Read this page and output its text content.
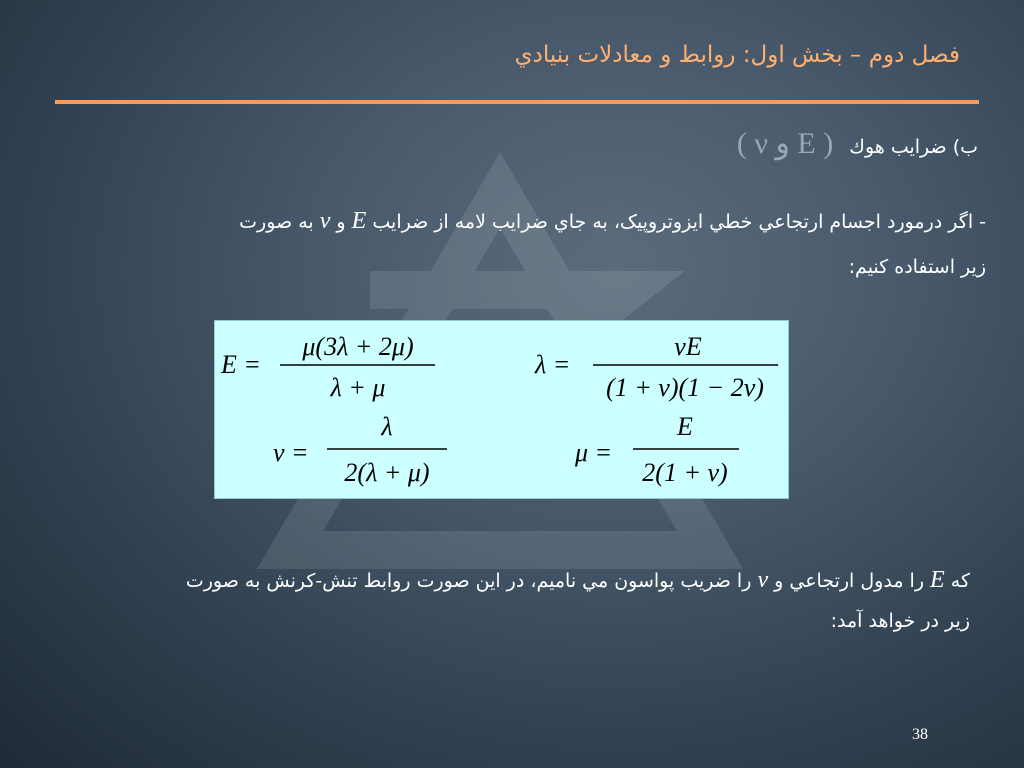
فصل دوم – بخش اول: روابط و معادلات بنيادي
ب) ضرايب هوك ( E و ν )
- اگر درمورد اجسام ارتجاعي خطي ايزوتروپيک، به جاي ضرايب لامه از ضرايب E و ν به صورت
زير استفاده کنيم:
E =
μ(3λ + 2μ)
λ + μ
λ =
νE
(1 + ν)(1 − 2ν)
ν =
λ
2(λ + μ)
μ =
E
2(1 + ν)
که E را مدول ارتجاعي و ν را ضريب پواسون مي ناميم، در اين صورت روابط تنش-کرنش به صورت
زير در خواهد آمد:
38
